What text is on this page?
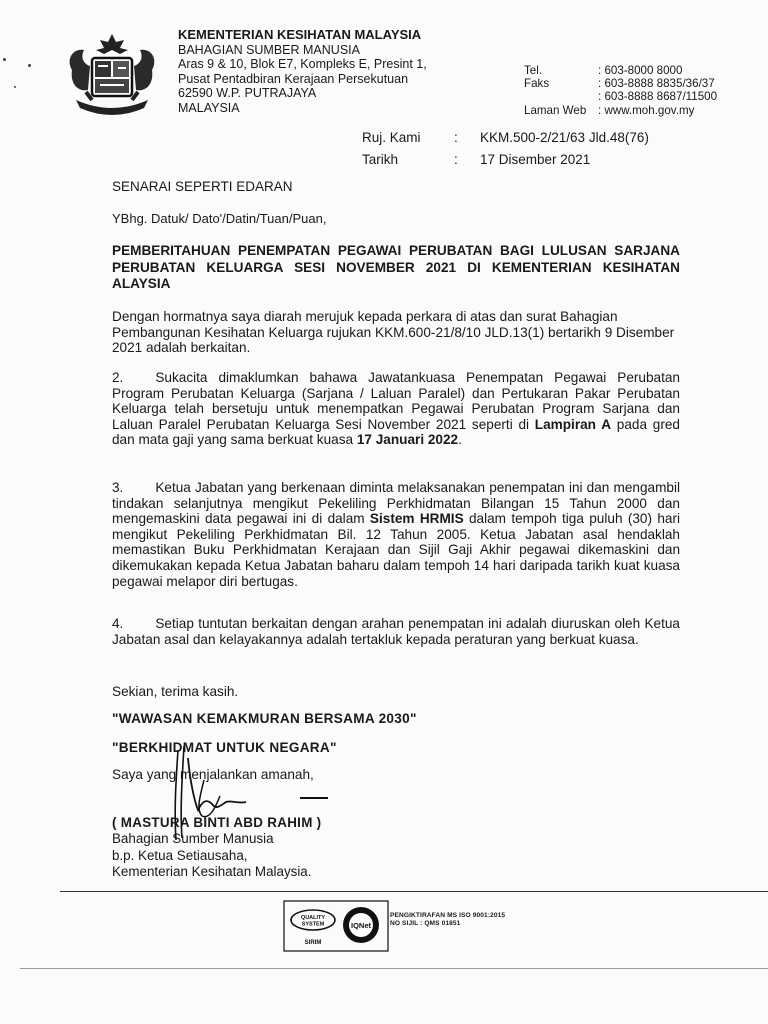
KEMENTERIAN KESIHATAN MALAYSIA
BAHAGIAN SUMBER MANUSIA
Aras 9 & 10, Blok E7, Kompleks E, Presint 1,
Pusat Pentadbiran Kerajaan Persekutuan
62590 W.P. PUTRAJAYA
MALAYSIA
Tel.	: 603-8000 8000
Faks	: 603-8888 8835/36/37
: 603-8888 8687/11500
Laman Web	: www.moh.gov.my
Ruj. Kami	:	KKM.500-2/21/63 Jld.48(76)
Tarikh	:	17 Disember 2021
SENARAI SEPERTI EDARAN
YBhg. Datuk/ Dato'/Datin/Tuan/Puan,
PEMBERITAHUAN PENEMPATAN PEGAWAI PERUBATAN BAGI LULUSAN SARJANA PERUBATAN KELUARGA SESI NOVEMBER 2021 DI KEMENTERIAN KESIHATAN ALAYSIA

Dengan hormatnya saya diarah merujuk kepada perkara di atas dan surat Bahagian Pembangunan Kesihatan Keluarga rujukan KKM.600-21/8/10 JLD.13(1) bertarikh 9 Disember 2021 adalah berkaitan.

2. Sukacita dimaklumkan bahawa Jawatankuasa Penempatan Pegawai Perubatan Program Perubatan Keluarga (Sarjana / Laluan Paralel) dan Pertukaran Pakar Perubatan Keluarga telah bersetuju untuk menempatkan Pegawai Perubatan Program Sarjana dan Laluan Paralel Perubatan Keluarga Sesi November 2021 seperti di Lampiran A pada gred dan mata gaji yang sama berkuat kuasa 17 Januari 2022.

3. Ketua Jabatan yang berkenaan diminta melaksanakan penempatan ini dan mengambil tindakan selanjutnya mengikut Pekeliling Perkhidmatan Bilangan 15 Tahun 2000 dan mengemaskini data pegawai ini di dalam Sistem HRMIS dalam tempoh tiga puluh (30) hari mengikut Pekeliling Perkhidmatan Bil. 12 Tahun 2005. Ketua Jabatan asal hendaklah memastikan Buku Perkhidmatan Kerajaan dan Sijil Gaji Akhir pegawai dikemaskini dan dikemukakan kepada Ketua Jabatan baharu dalam tempoh 14 hari daripada tarikh kuat kuasa pegawai melapor diri bertugas.

4. Setiap tuntutan berkaitan dengan arahan penempatan ini adalah diuruskan oleh Ketua Jabatan asal dan kelayakannya adalah tertakluk kepada peraturan yang berkuat kuasa.

Sekian, terima kasih.
"WAWASAN KEMAKMURAN BERSAMA 2030"
"BERKHIDMAT UNTUK NEGARA"
Saya yang menjalankan amanah,
( MASTURA BINTI ABD RAHIM )
Bahagian Sumber Manusia
b.p. Ketua Setiausaha,
Kementerian Kesihatan Malaysia.
QUALITY
SYSTEM
SIRIM
IQNet
PENGIKTIRAFAN MS ISO 9001:2015
NO SIJIL : QMS 01851
